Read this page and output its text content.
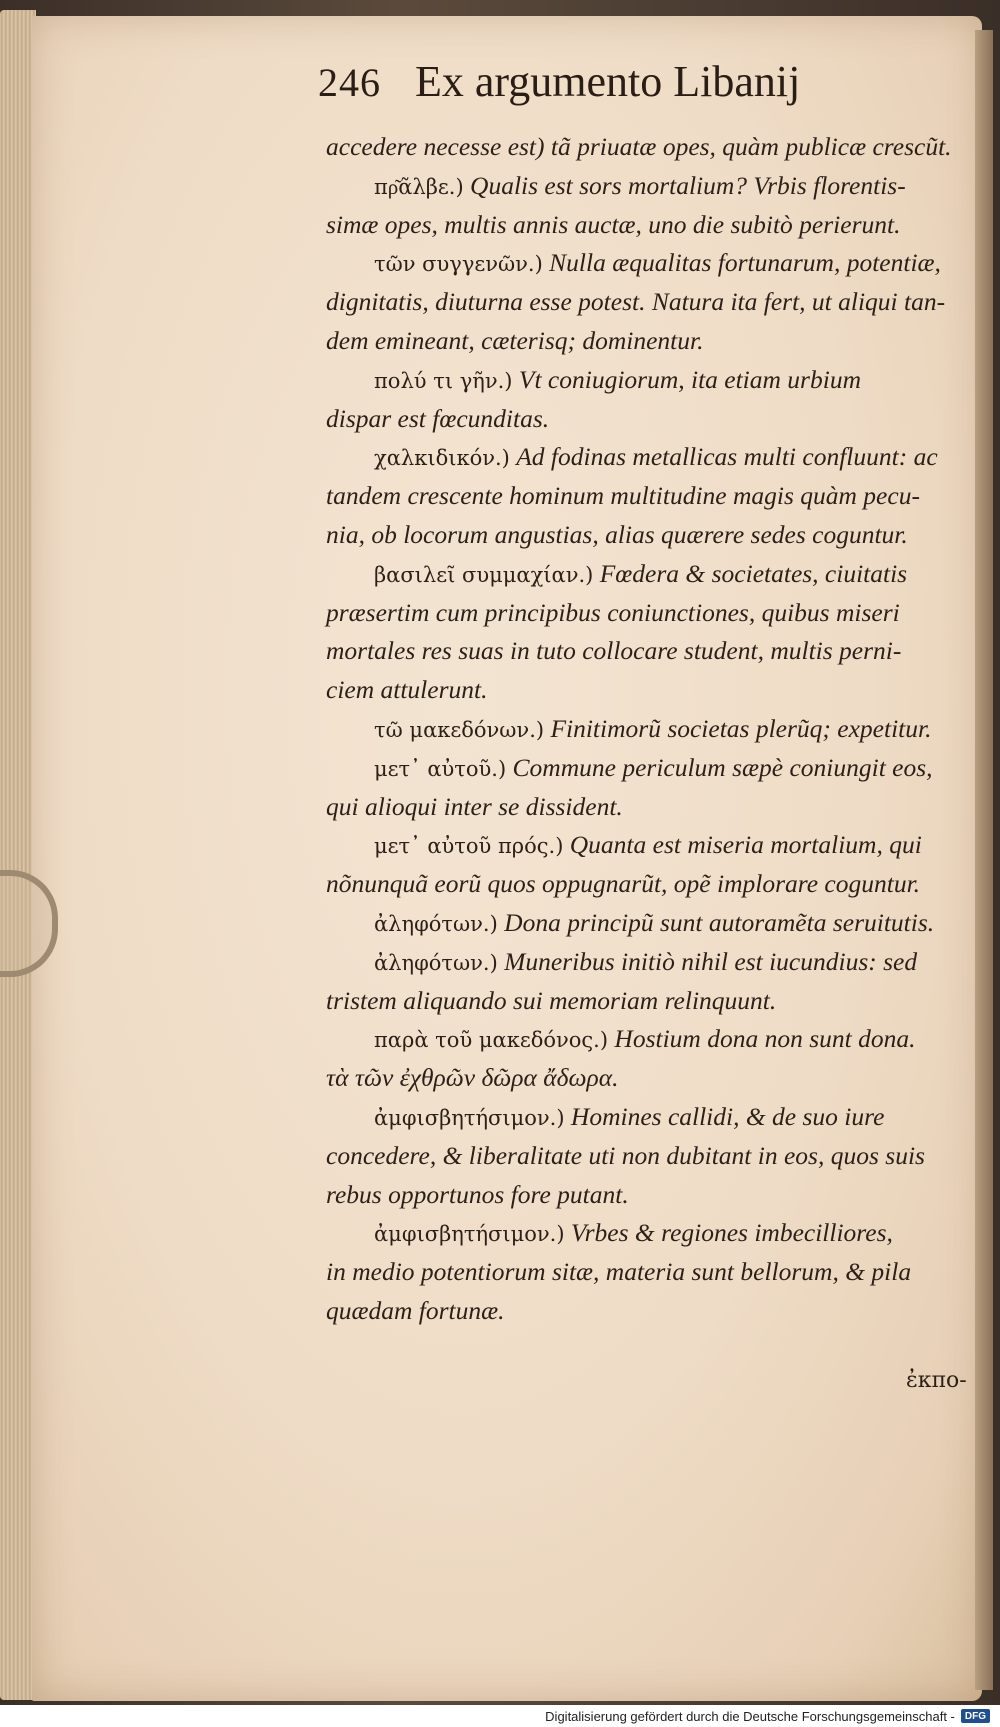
246 Ex argumento Libanij
accedere necesse est) tã priuatæ opes, quàm publicæ crescũt.
πρ͂ᾶλβε.) Qualis est sors mortalium? Vrbis florentis-
simæ opes, multis annis auctæ, uno die subitò perierunt.
τῶν συγγενῶν.) Nulla æqualitas fortunarum, potentiæ,
dignitatis, diuturna esse potest. Natura ita fert, ut aliqui tan-
dem emineant, cæterisq; dominentur.
πολύ τι γῆν.) Vt coniugiorum, ita etiam urbium
dispar est fœcunditas.
χαλκιδικόν.) Ad fodinas metallicas multi confluunt: ac
tandem crescente hominum multitudine magis quàm pecu-
nia, ob locorum angustias, alias quærere sedes coguntur.
βασιλεῖ συμμαχίαν.) Fœdera & societates, ciuitatis
præsertim cum principibus coniunctiones, quibus miseri
mortales res suas in tuto collocare student, multis perni-
ciem attulerunt.
τῶ μακεδόνων.) Finitimorũ societas plerũq; expetitur.
μετ᾽ αὐτοῦ.) Commune periculum sæpè coniungit eos,
qui alioqui inter se dissident.
μετ᾽ αὐτοῦ πρός.) Quanta est miseria mortalium, qui
nõnunquã eorũ quos oppugnarũt, opẽ implorare coguntur.
ἀληφότων.) Dona principũ sunt autoramẽta seruitutis.
ἀληφότων.) Muneribus initiò nihil est iucundius: sed
tristem aliquando sui memoriam relinquunt.
παρὰ τοῦ μακεδόνος.) Hostium dona non sunt dona.
τὰ τῶν ἐχθρῶν δῶρα ἄδωρα.
ἀμφισβητήσιμον.) Homines callidi, & de suo iure
concedere, & liberalitate uti non dubitant in eos, quos suis
rebus opportunos fore putant.
ἀμφισβητήσιμον.) Vrbes & regiones imbecilliores,
in medio potentiorum sitæ, materia sunt bellorum, & pila
quædam fortunæ.
ἐκπο-
Digitalisierung gefördert durch die Deutsche Forschungsgemeinschaft -	DFG
